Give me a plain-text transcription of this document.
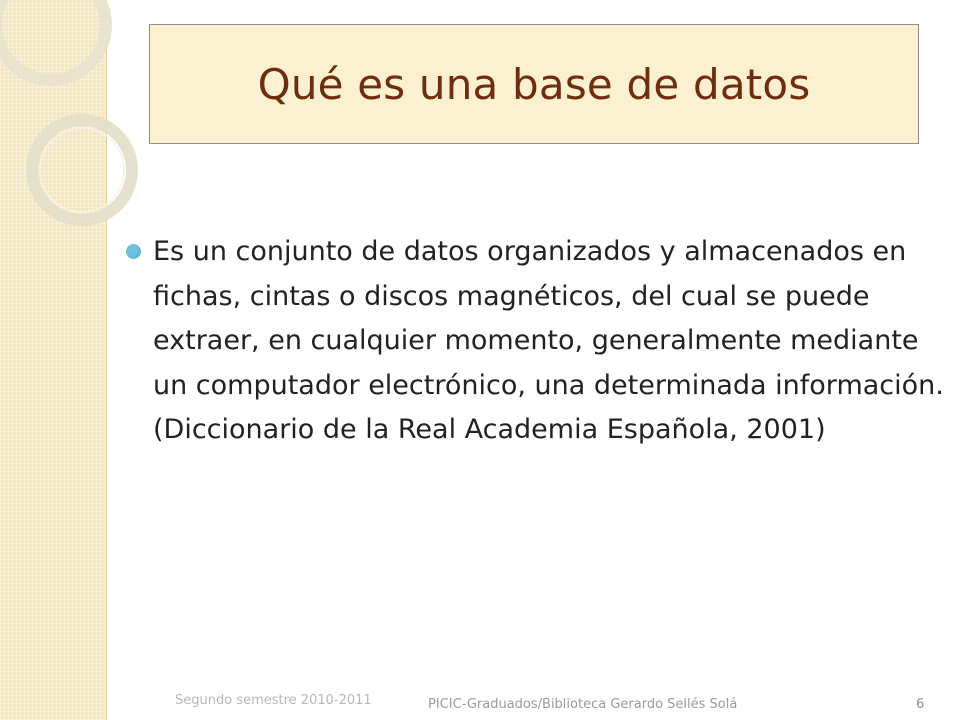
Qué es una base de datos
Es un conjunto de datos organizados y almacenados en fichas, cintas o discos magnéticos, del cual se puede extraer, en cualquier momento, generalmente mediante un computador electrónico, una determinada información. (Diccionario de la Real Academia Española, 2001)
Segundo semestre 2010-2011	PICIC-Graduados/Biblioteca Gerardo Sellés Solá	6
